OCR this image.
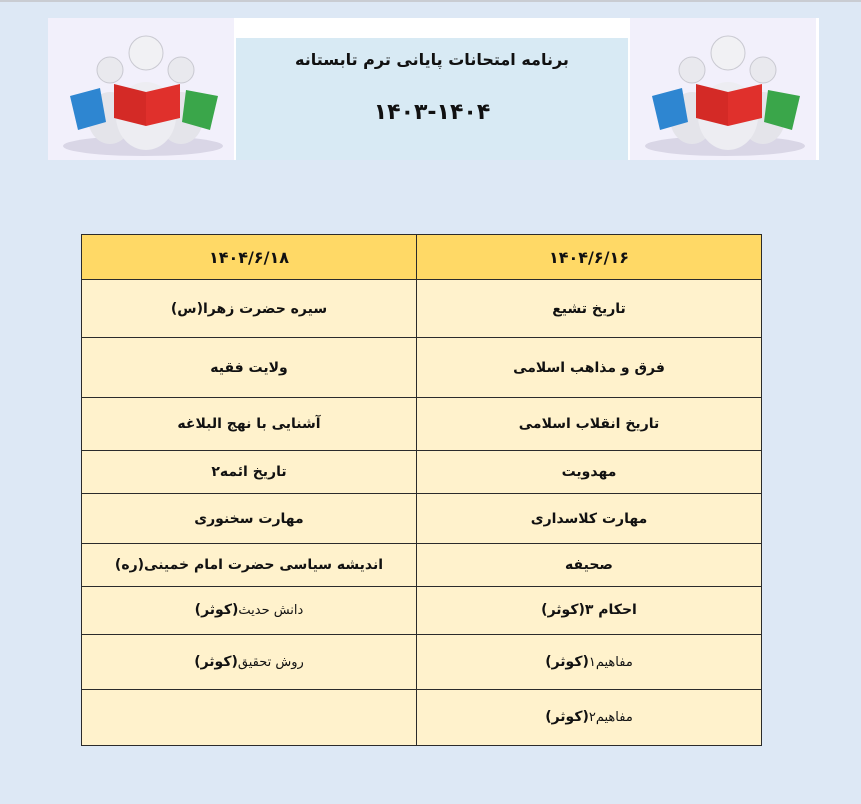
برنامه امتحانات پایانی ترم تابستانه
۱۴۰۳-۱۴۰۴
۱۴۰۴/۶/۱۶	۱۴۰۴/۶/۱۸
تاریخ تشیع	سیره حضرت زهرا(س)
فرق و مذاهب اسلامی	ولایت فقیه
تاریخ انقلاب اسلامی	آشنایی با نهج البلاغه
مهدویت	تاریخ ائمه۲
مهارت کلاسداری	مهارت سخنوری
صحیفه	اندیشه سیاسی حضرت امام خمینی(ره)
احکام ۳(کوثر)	دانش حدیث(کوثر)
مفاهیم۱(کوثر)	روش تحقیق(کوثر)
مفاهیم۲(کوثر)	
